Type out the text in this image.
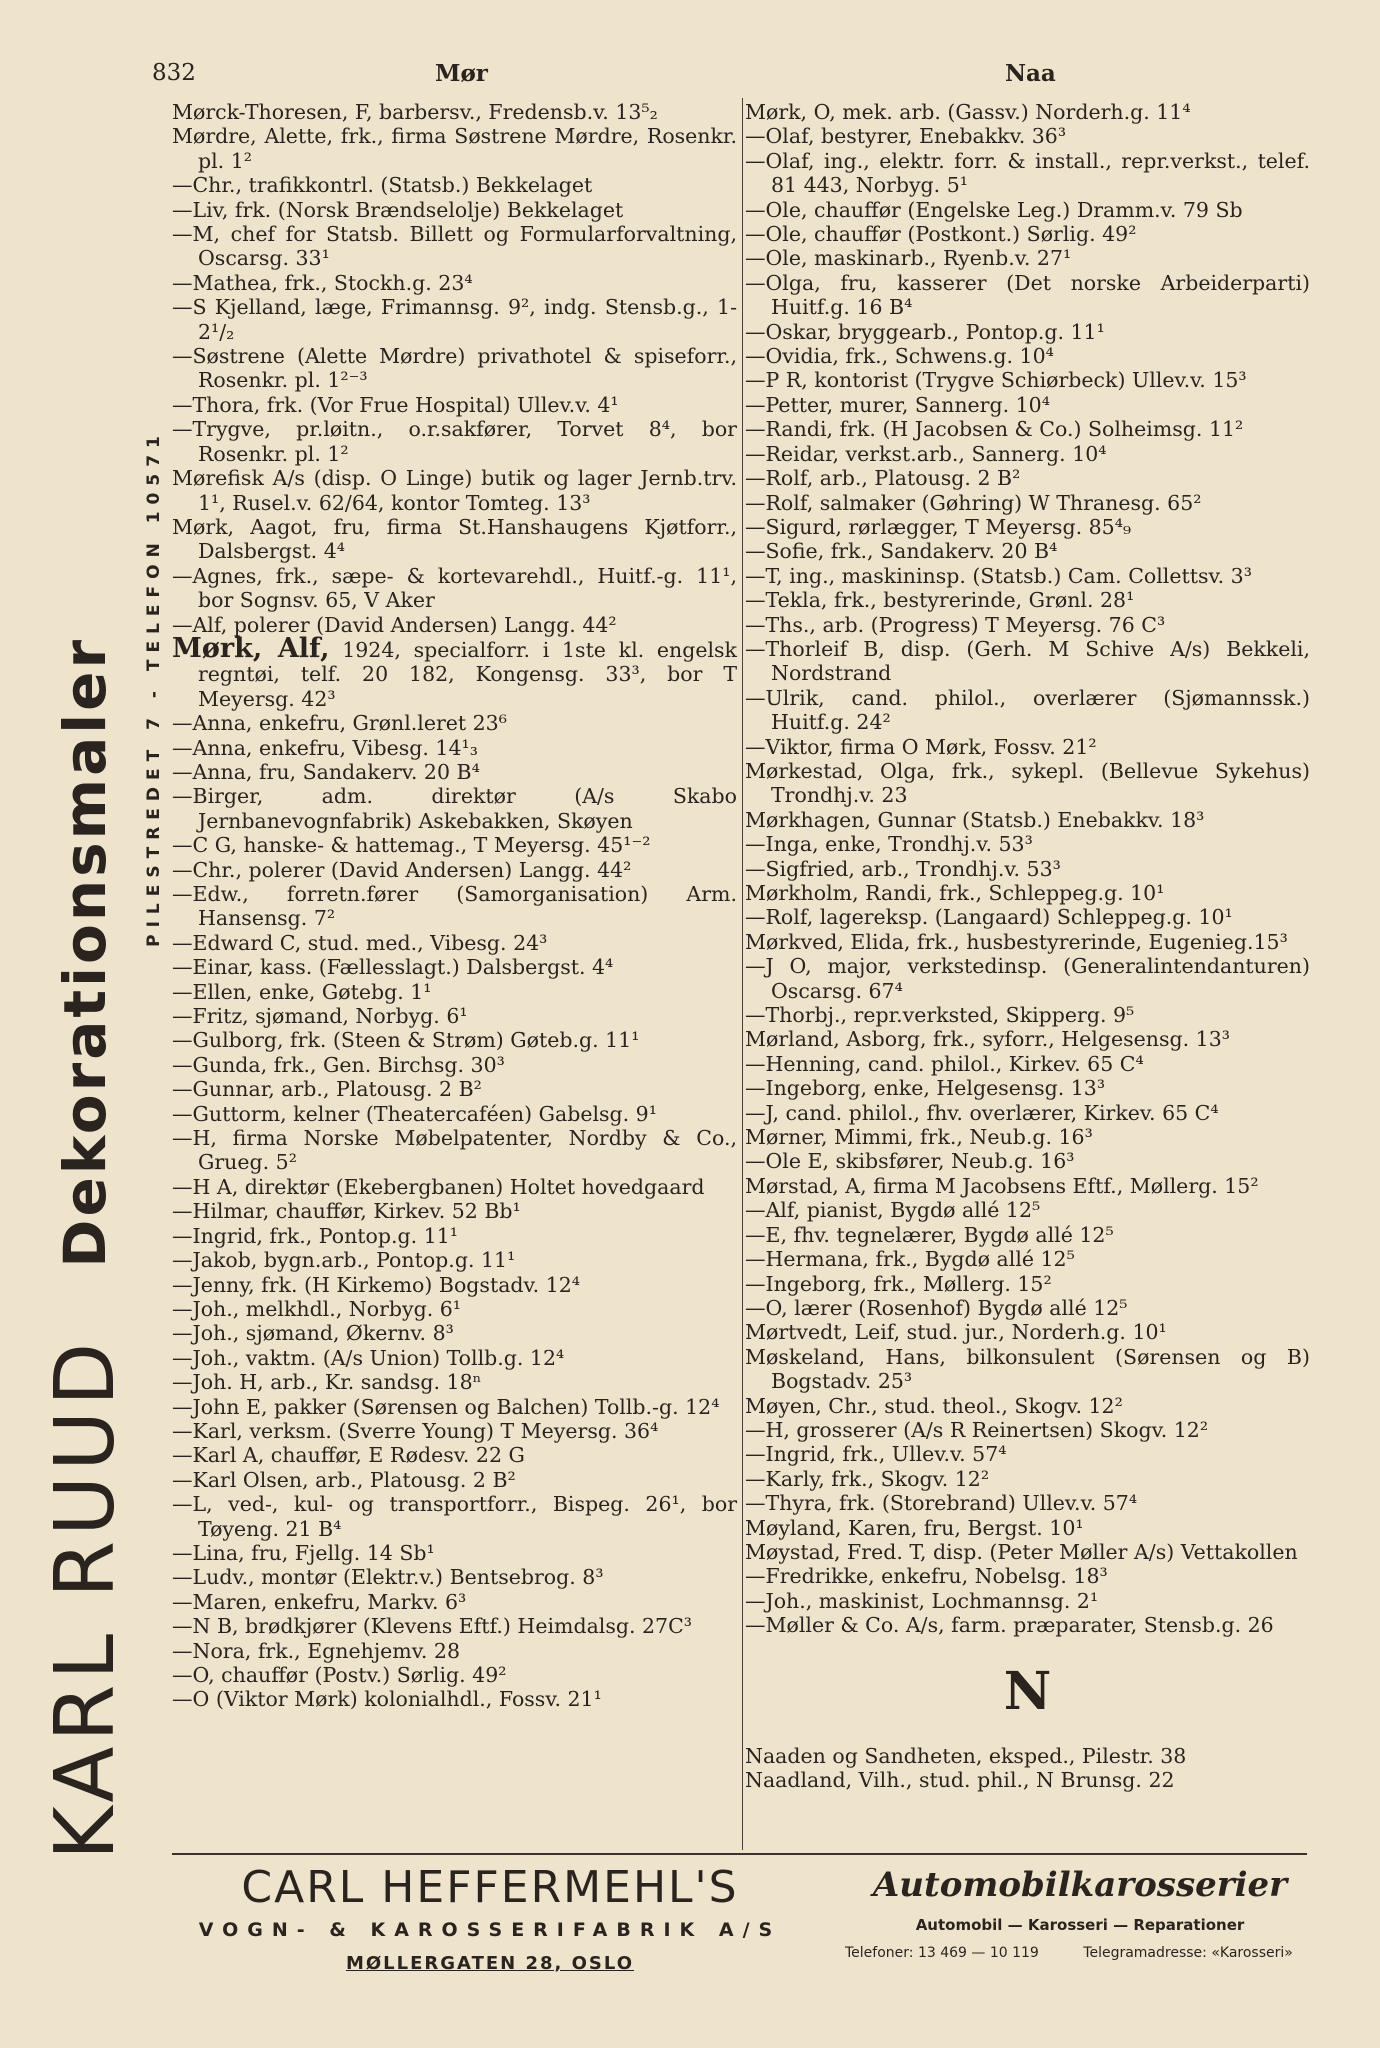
832	Mør	Naa
KARL RUUD
Dekorationsmaler	PILESTREDET 7 - TELEFON 10571
Mørck-Thoresen, F, barbersv., Fredensb.v. 13⁵₂
Mørdre, Alette, frk., firma Søstrene Mørdre, Rosenkr. pl. 1²
—Chr., trafikkontrl. (Statsb.) Bekkelaget
—Liv, frk. (Norsk Brændselolje) Bekkelaget
—M, chef for Statsb. Billett og Formularforvaltning, Oscarsg. 33¹
—Mathea, frk., Stockh.g. 23⁴
—S Kjelland, læge, Frimannsg. 9², indg. Stensb.g., 1-2¹/₂
—Søstrene (Alette Mørdre) privathotel & spiseforr., Rosenkr. pl. 1²⁻³
—Thora, frk. (Vor Frue Hospital) Ullev.v. 4¹
—Trygve, pr.løitn., o.r.sakfører, Torvet 8⁴, bor Rosenkr. pl. 1²
Mørefisk A/s (disp. O Linge) butik og lager Jernb.trv. 1¹, Rusel.v. 62/64, kontor Tomteg. 13³
Mørk, Aagot, fru, firma St.Hanshaugens Kjøtforr., Dalsbergst. 4⁴
—Agnes, frk., sæpe- & kortevarehdl., Huitf.-g. 11¹, bor Sognsv. 65, V Aker
—Alf, polerer (David Andersen) Langg. 44²
Mørk, Alf, 1924, specialforr. i 1ste kl. engelsk regntøi, telf. 20 182, Kongensg. 33³, bor T Meyersg. 42³
—Anna, enkefru, Grønl.leret 23⁶
—Anna, enkefru, Vibesg. 14¹₃
—Anna, fru, Sandakerv. 20 B⁴
—Birger, adm. direktør (A/s Skabo Jernbanevognfabrik) Askebakken, Skøyen
—C G, hanske- & hattemag., T Meyersg. 45¹⁻²
—Chr., polerer (David Andersen) Langg. 44²
—Edw., forretn.fører (Samorganisation) Arm. Hansensg. 7²
—Edward C, stud. med., Vibesg. 24³
—Einar, kass. (Fællesslagt.) Dalsbergst. 4⁴
—Ellen, enke, Gøtebg. 1¹
—Fritz, sjømand, Norbyg. 6¹
—Gulborg, frk. (Steen & Strøm) Gøteb.g. 11¹
—Gunda, frk., Gen. Birchsg. 30³
—Gunnar, arb., Platousg. 2 B²
—Guttorm, kelner (Theatercaféen) Gabelsg. 9¹
—H, firma Norske Møbelpatenter, Nordby & Co., Grueg. 5²
—H A, direktør (Ekebergbanen) Holtet hovedgaard
—Hilmar, chauffør, Kirkev. 52 Bb¹
—Ingrid, frk., Pontop.g. 11¹
—Jakob, bygn.arb., Pontop.g. 11¹
—Jenny, frk. (H Kirkemo) Bogstadv. 12⁴
—Joh., melkhdl., Norbyg. 6¹
—Joh., sjømand, Økernv. 8³
—Joh., vaktm. (A/s Union) Tollb.g. 12⁴
—Joh. H, arb., Kr. sandsg. 18ⁿ
—John E, pakker (Sørensen og Balchen) Tollb.-g. 12⁴
—Karl, verksm. (Sverre Young) T Meyersg. 36⁴
—Karl A, chauffør, E Rødesv. 22 G
—Karl Olsen, arb., Platousg. 2 B²
—L, ved-, kul- og transportforr., Bispeg. 26¹, bor Tøyeng. 21 B⁴
—Lina, fru, Fjellg. 14 Sb¹
—Ludv., montør (Elektr.v.) Bentsebrog. 8³
—Maren, enkefru, Markv. 6³
—N B, brødkjører (Klevens Eftf.) Heimdalsg. 27C³
—Nora, frk., Egnehjemv. 28
—O, chauffør (Postv.) Sørlig. 49²
—O (Viktor Mørk) kolonialhdl., Fossv. 21¹
Mørk, O, mek. arb. (Gassv.) Norderh.g. 11⁴
—Olaf, bestyrer, Enebakkv. 36³
—Olaf, ing., elektr. forr. & install., repr.verkst., telef. 81 443, Norbyg. 5¹
—Ole, chauffør (Engelske Leg.) Dramm.v. 79 Sb
—Ole, chauffør (Postkont.) Sørlig. 49²
—Ole, maskinarb., Ryenb.v. 27¹
—Olga, fru, kasserer (Det norske Arbeiderparti) Huitf.g. 16 B⁴
—Oskar, bryggearb., Pontop.g. 11¹
—Ovidia, frk., Schwens.g. 10⁴
—P R, kontorist (Trygve Schiørbeck) Ullev.v. 15³
—Petter, murer, Sannerg. 10⁴
—Randi, frk. (H Jacobsen & Co.) Solheimsg. 11²
—Reidar, verkst.arb., Sannerg. 10⁴
—Rolf, arb., Platousg. 2 B²
—Rolf, salmaker (Gøhring) W Thranesg. 65²
—Sigurd, rørlægger, T Meyersg. 85⁴₉
—Sofie, frk., Sandakerv. 20 B⁴
—T, ing., maskininsp. (Statsb.) Cam. Collettsv. 3³
—Tekla, frk., bestyrerinde, Grønl. 28¹
—Ths., arb. (Progress) T Meyersg. 76 C³
—Thorleif B, disp. (Gerh. M Schive A/s) Bekkeli, Nordstrand
—Ulrik, cand. philol., overlærer (Sjømannssk.) Huitf.g. 24²
—Viktor, firma O Mørk, Fossv. 21²
Mørkestad, Olga, frk., sykepl. (Bellevue Sykehus) Trondhj.v. 23
Mørkhagen, Gunnar (Statsb.) Enebakkv. 18³
—Inga, enke, Trondhj.v. 53³
—Sigfried, arb., Trondhj.v. 53³
Mørkholm, Randi, frk., Schleppeg.g. 10¹
—Rolf, lagereksp. (Langaard) Schleppeg.g. 10¹
Mørkved, Elida, frk., husbestyrerinde, Eugenieg.15³
—J O, major, verkstedinsp. (Generalintendanturen) Oscarsg. 67⁴
—Thorbj., repr.verksted, Skipperg. 9⁵
Mørland, Asborg, frk., syforr., Helgesensg. 13³
—Henning, cand. philol., Kirkev. 65 C⁴
—Ingeborg, enke, Helgesensg. 13³
—J, cand. philol., fhv. overlærer, Kirkev. 65 C⁴
Mørner, Mimmi, frk., Neub.g. 16³
—Ole E, skibsfører, Neub.g. 16³
Mørstad, A, firma M Jacobsens Eftf., Møllerg. 15²
—Alf, pianist, Bygdø allé 12⁵
—E, fhv. tegnelærer, Bygdø allé 12⁵
—Hermana, frk., Bygdø allé 12⁵
—Ingeborg, frk., Møllerg. 15²
—O, lærer (Rosenhof) Bygdø allé 12⁵
Mørtvedt, Leif, stud. jur., Norderh.g. 10¹
Møskeland, Hans, bilkonsulent (Sørensen og B) Bogstadv. 25³
Møyen, Chr., stud. theol., Skogv. 12²
—H, grosserer (A/s R Reinertsen) Skogv. 12²
—Ingrid, frk., Ullev.v. 57⁴
—Karly, frk., Skogv. 12²
—Thyra, frk. (Storebrand) Ullev.v. 57⁴
Møyland, Karen, fru, Bergst. 10¹
Møystad, Fred. T, disp. (Peter Møller A/s) Vettakollen
—Fredrikke, enkefru, Nobelsg. 18³
—Joh., maskinist, Lochmannsg. 2¹
—Møller & Co. A/s, farm. præparater, Stensb.g. 26
N
Naaden og Sandheten, eksped., Pilestr. 38
Naadland, Vilh., stud. phil., N Brunsg. 22
CARL HEFFERMEHL'S
VOGN- & KAROSSERIFABRIK A/S
MØLLERGATEN 28, OSLO
Automobilkarosserier
Automobil — Karosseri — Reparationer
Telefoner: 13 469 — 10 119	Telegramadresse: «Karosseri»
